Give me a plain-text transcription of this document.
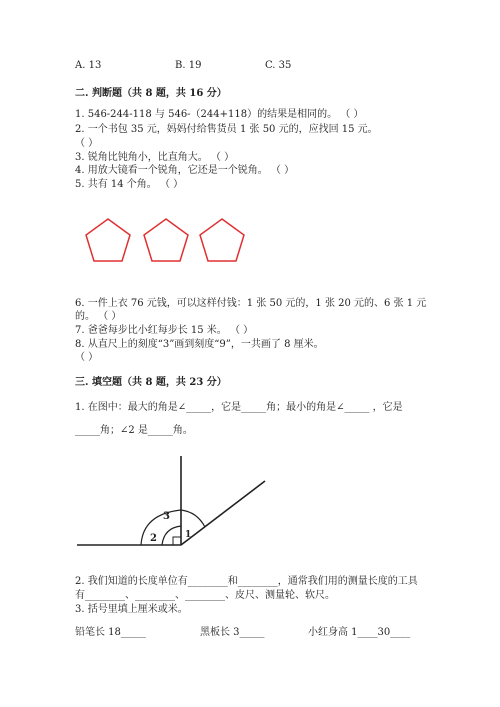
A. 13	B. 19	C. 35
二. 判断题（共 8 题，共 16 分）
1. 546-244-118 与 546-（244+118）的结果是相同的。 （ ）
2. 一个书包 35 元，妈妈付给售货员 1 张 50 元的，应找回 15 元。
（ ）
3. 锐角比钝角小，比直角大。 （ ）
4. 用放大镜看一个锐角，它还是一个锐角。 （ ）
5. 共有 14 个角。 （ ）
6. 一件上衣 76 元钱，可以这样付钱：1 张 50 元的，1 张 20 元的、6 张 1 元
的。 （ ）
7. 爸爸每步比小红每步长 15 米。 （ ）
8. 从直尺上的刻度“3”画到刻度“9”，一共画了 8 厘米。
（ ）
三. 填空题（共 8 题，共 23 分）
1. 在图中：最大的角是∠_____，它是_____角；最小的角是∠_____ ，它是
_____角；∠2 是_____角。
3
2	1
2. 我们知道的长度单位有________和________，通常我们用的测量长度的工具
有________、________、________、皮尺、测量轮、软尺。
3. 括号里填上厘米或米。
铅笔长 18_____	黑板长 3_____	小红身高 1____30____
